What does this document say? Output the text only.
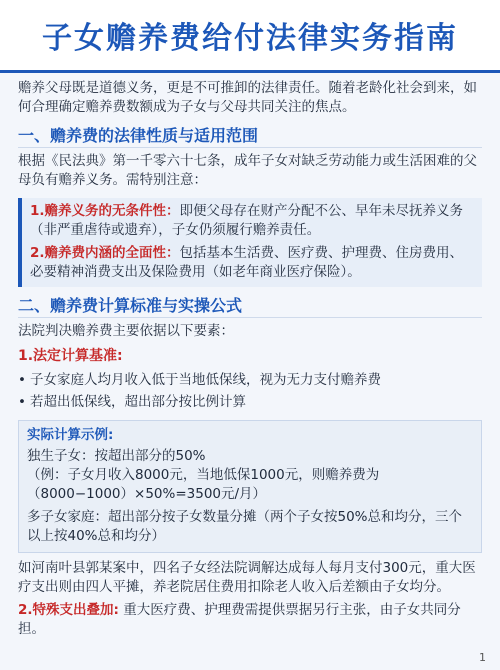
子女赡养费给付法律实务指南

赡养父母既是道德义务，更是不可推卸的法律责任。随着老龄化社会到来，如何合理确定赡养费数额成为子女与父母共同关注的焦点。

一、赡养费的法律性质与适用范围

根据《民法典》第一千零六十七条，成年子女对缺乏劳动能力或生活困难的父母负有赡养义务。需特别注意：

1.赡养义务的无条件性：即便父母存在财产分配不公、早年未尽抚养义务（非严重虐待或遗弃），子女仍须履行赡养责任。

2.赡养费内涵的全面性：包括基本生活费、医疗费、护理费、住房费用、必要精神消费支出及保险费用（如老年商业医疗保险）。

二、赡养费计算标准与实操公式

法院判决赡养费主要依据以下要素：

1.法定计算基准:
• 子女家庭人均月收入低于当地低保线，视为无力支付赡养费
• 若超出低保线，超出部分按比例计算
实际计算示例:

独生子女：按超出部分的50%

（例：子女月收入8000元，当地低保1000元，则赡养费为（8000−1000）×50%=3500元/月）

多子女家庭：超出部分按子女数量分摊（两个子女按50%总和均分，三个以上按40%总和均分）

如河南叶县郭某案中，四名子女经法院调解达成每人每月支付300元，重大医疗支出则由四人平摊，养老院居住费用扣除老人收入后差额由子女均分。

2.特殊支出叠加: 重大医疗费、护理费需提供票据另行主张，由子女共同分担。

1
